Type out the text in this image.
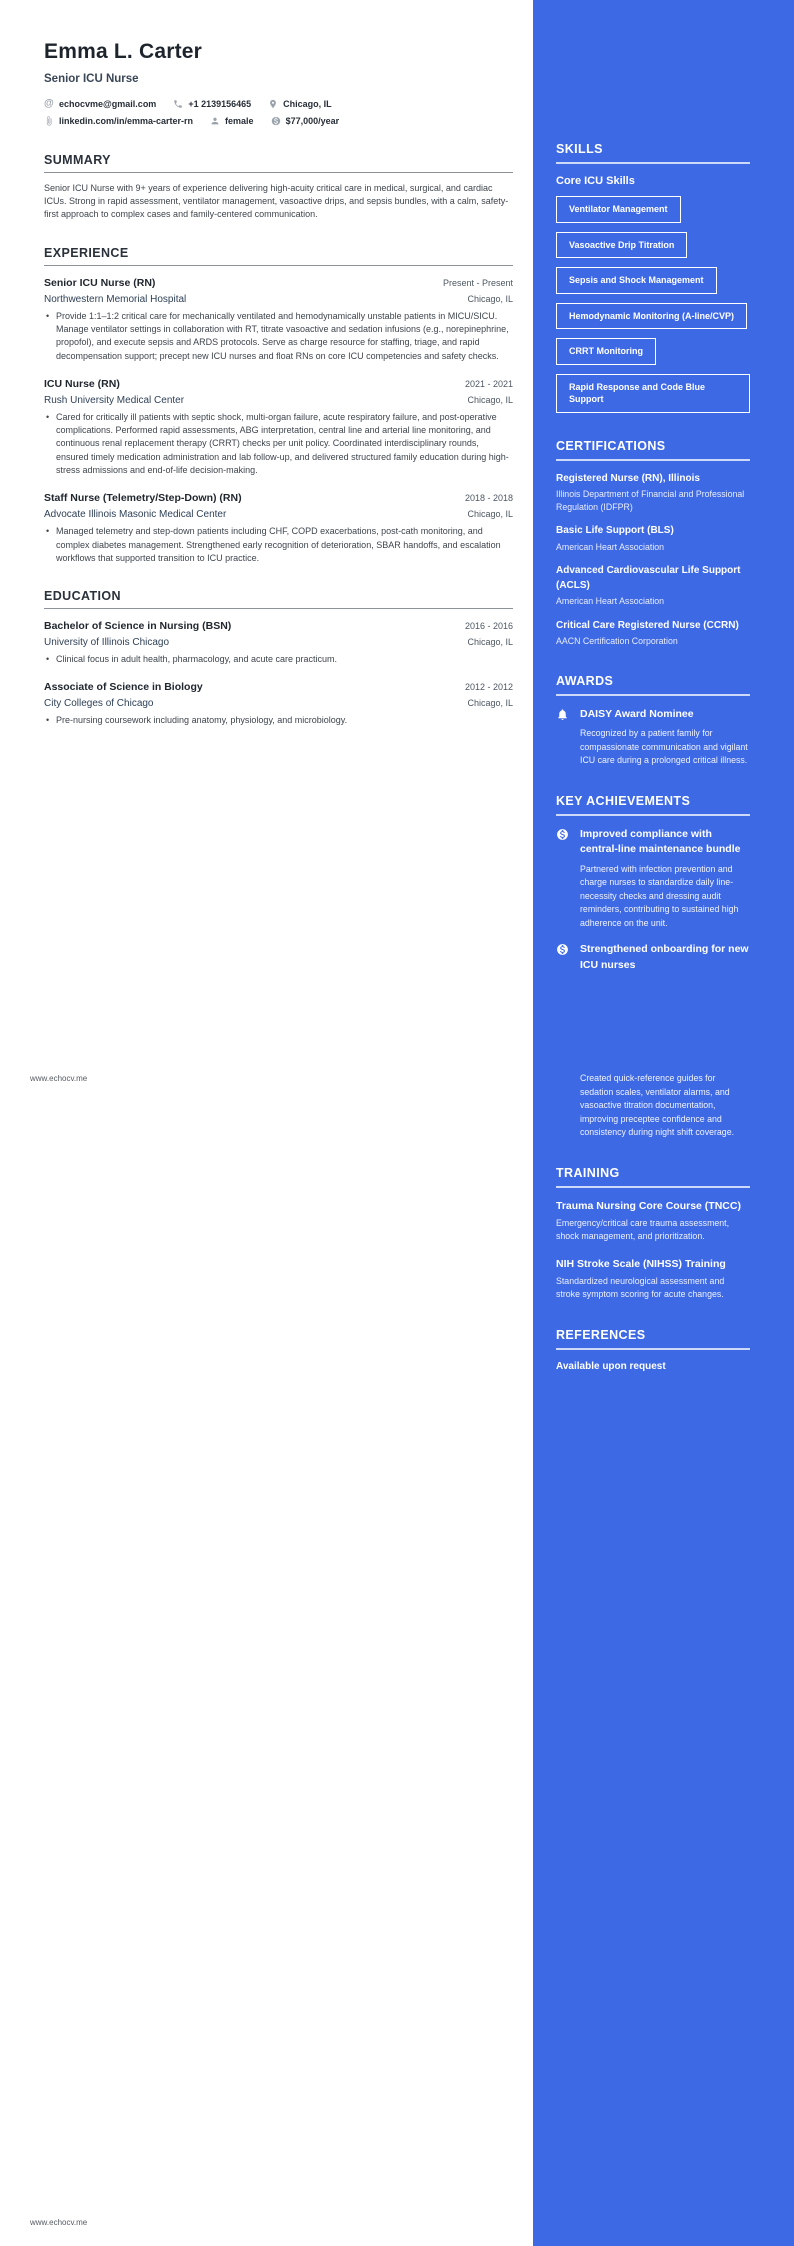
Emma L. Carter
Senior ICU Nurse
@ echocvme@gmail.com	+1 2139156465	Chicago, IL
linkedin.com/in/emma-carter-rn	female	$77,000/year
SUMMARY
Senior ICU Nurse with 9+ years of experience delivering high-acuity critical care in medical, surgical, and cardiac ICUs. Strong in rapid assessment, ventilator management, vasoactive drips, and sepsis bundles, with a calm, safety-first approach to complex cases and family-centered communication.
EXPERIENCE
Senior ICU Nurse (RN)	Present - Present
Northwestern Memorial Hospital	Chicago, IL
• Provide 1:1–1:2 critical care for mechanically ventilated and hemodynamically unstable patients in MICU/SICU. Manage ventilator settings in collaboration with RT, titrate vasoactive and sedation infusions (e.g., norepinephrine, propofol), and execute sepsis and ARDS protocols. Serve as charge resource for staffing, triage, and rapid decompensation support; precept new ICU nurses and float RNs on core ICU competencies and safety checks.
ICU Nurse (RN)	2021 - 2021
Rush University Medical Center	Chicago, IL
• Cared for critically ill patients with septic shock, multi-organ failure, acute respiratory failure, and post-operative complications. Performed rapid assessments, ABG interpretation, central line and arterial line monitoring, and continuous renal replacement therapy (CRRT) checks per unit policy. Coordinated interdisciplinary rounds, ensured timely medication administration and lab follow-up, and delivered structured family education during high-stress admissions and end-of-life decision-making.
Staff Nurse (Telemetry/Step-Down) (RN)	2018 - 2018
Advocate Illinois Masonic Medical Center	Chicago, IL
• Managed telemetry and step-down patients including CHF, COPD exacerbations, post-cath monitoring, and complex diabetes management. Strengthened early recognition of deterioration, SBAR handoffs, and escalation workflows that supported transition to ICU practice.
EDUCATION
Bachelor of Science in Nursing (BSN)	2016 - 2016
University of Illinois Chicago	Chicago, IL
• Clinical focus in adult health, pharmacology, and acute care practicum.
Associate of Science in Biology	2012 - 2012
City Colleges of Chicago	Chicago, IL
• Pre-nursing coursework including anatomy, physiology, and microbiology.
SKILLS
Core ICU Skills
Ventilator Management
Vasoactive Drip Titration
Sepsis and Shock Management
Hemodynamic Monitoring (A-line/CVP)
CRRT Monitoring
Rapid Response and Code Blue Support
CERTIFICATIONS
Registered Nurse (RN), Illinois
Illinois Department of Financial and Professional Regulation (IDFPR)
Basic Life Support (BLS)
American Heart Association
Advanced Cardiovascular Life Support (ACLS)
American Heart Association
Critical Care Registered Nurse (CCRN)
AACN Certification Corporation
AWARDS
DAISY Award Nominee
Recognized by a patient family for compassionate communication and vigilant ICU care during a prolonged critical illness.
KEY ACHIEVEMENTS
Improved compliance with central-line maintenance bundle
Partnered with infection prevention and charge nurses to standardize daily line-necessity checks and dressing audit reminders, contributing to sustained high adherence on the unit.
Strengthened onboarding for new ICU nurses
Created quick-reference guides for sedation scales, ventilator alarms, and vasoactive titration documentation, improving preceptee confidence and consistency during night shift coverage.
TRAINING
Trauma Nursing Core Course (TNCC)
Emergency/critical care trauma assessment, shock management, and prioritization.
NIH Stroke Scale (NIHSS) Training
Standardized neurological assessment and stroke symptom scoring for acute changes.
REFERENCES
Available upon request
www.echocv.me
www.echocv.me
